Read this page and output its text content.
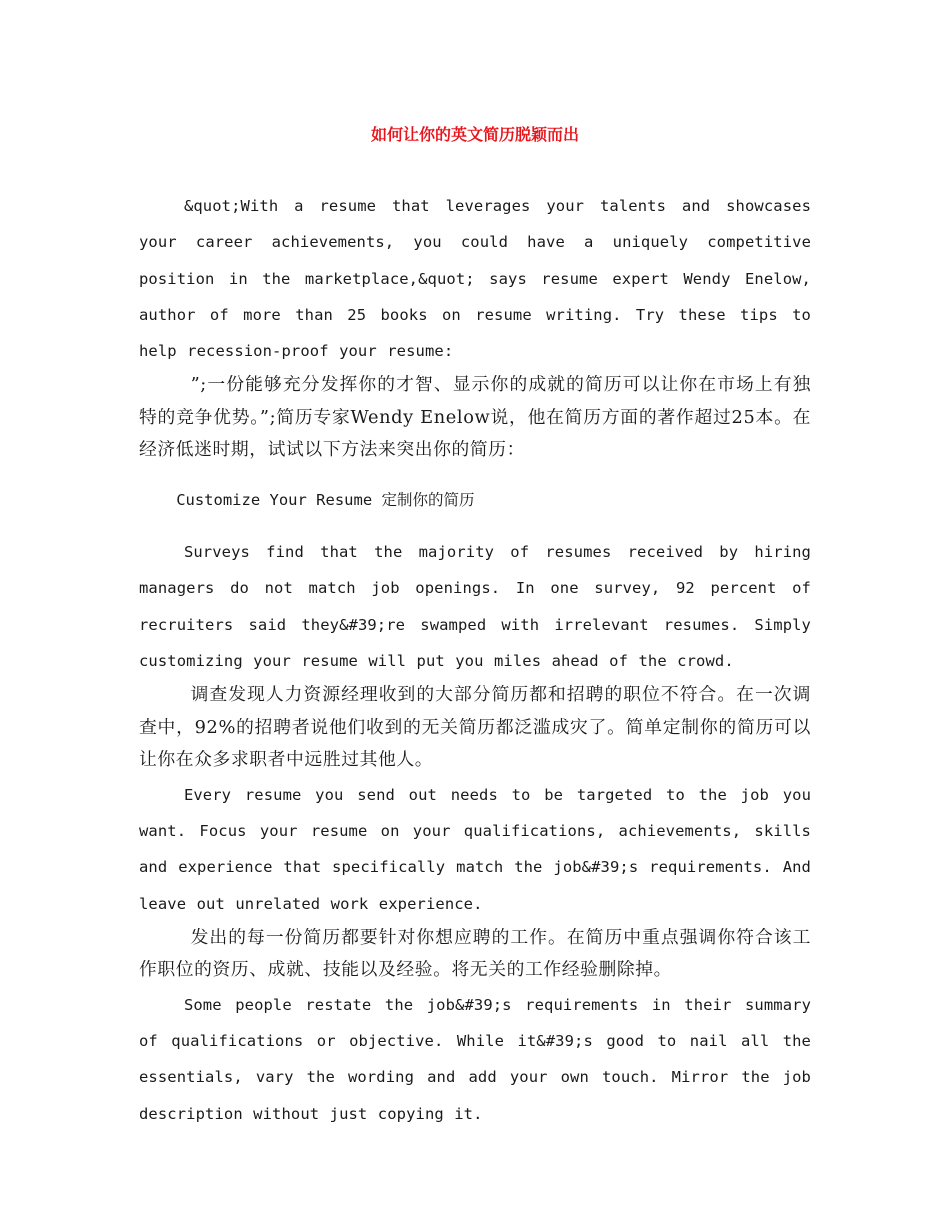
如何让你的英文简历脱颖而出

&quot;With a resume that leverages your talents and showcases your career achievements, you could have a uniquely competitive position in the marketplace,&quot; says resume expert Wendy Enelow, author of more than 25 books on resume writing. Try these tips to help recession-proof your resume:

”;一份能够充分发挥你的才智、显示你的成就的简历可以让你在市场上有独特的竞争优势。”;简历专家Wendy Enelow说，他在简历方面的著作超过25本。在经济低迷时期，试试以下方法来突出你的简历：

Customize Your Resume 定制你的简历

Surveys find that the majority of resumes received by hiring managers do not match job openings. In one survey, 92 percent of recruiters said they&#39;re swamped with irrelevant resumes. Simply customizing your resume will put you miles ahead of the crowd.

调查发现人力资源经理收到的大部分简历都和招聘的职位不符合。在一次调查中，92%的招聘者说他们收到的无关简历都泛滥成灾了。简单定制你的简历可以让你在众多求职者中远胜过其他人。

Every resume you send out needs to be targeted to the job you want. Focus your resume on your qualifications, achievements, skills and experience that specifically match the job&#39;s requirements. And leave out unrelated work experience.

发出的每一份简历都要针对你想应聘的工作。在简历中重点强调你符合该工作职位的资历、成就、技能以及经验。将无关的工作经验删除掉。

Some people restate the job&#39;s requirements in their summary of qualifications or objective. While it&#39;s good to nail all the essentials, vary the wording and add your own touch. Mirror the job description without just copying it.
